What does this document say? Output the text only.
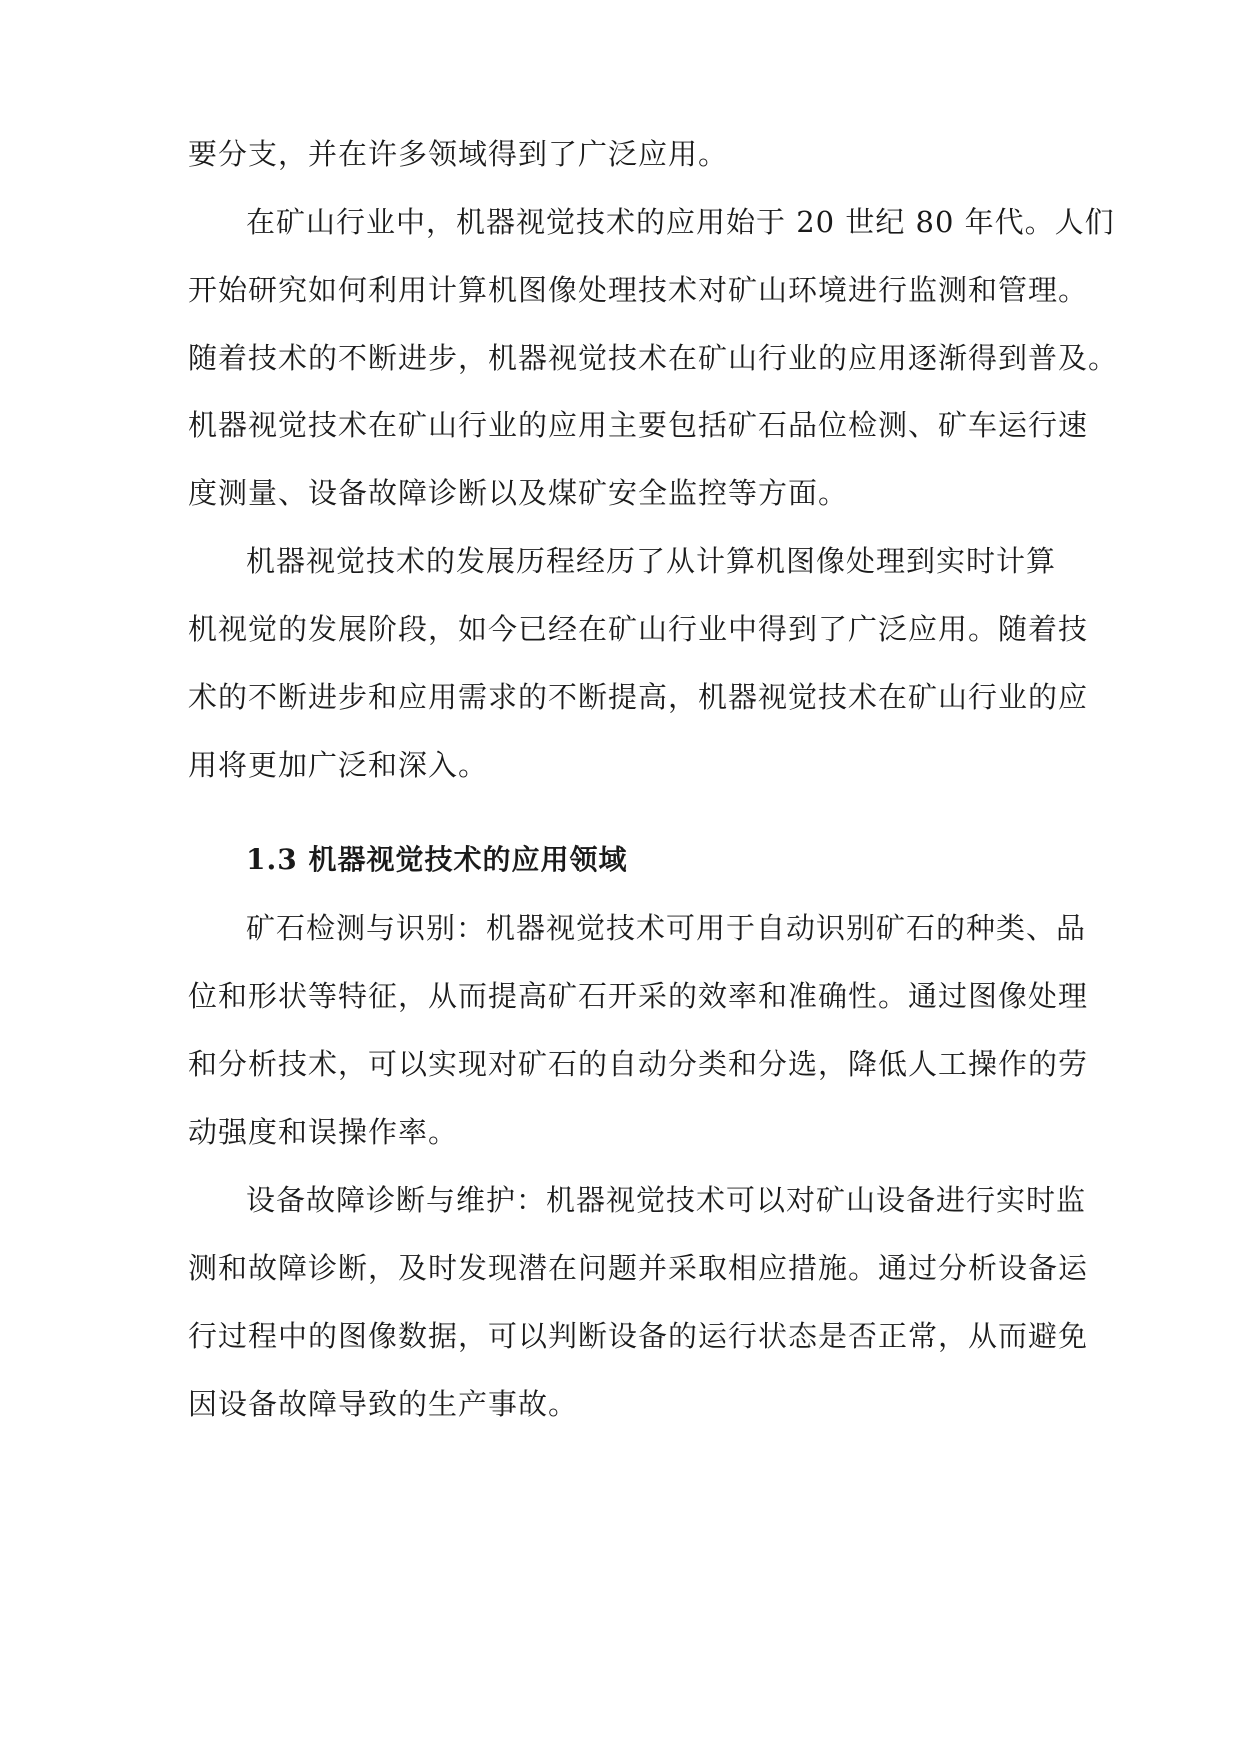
要分支，并在许多领域得到了广泛应用。

在矿山行业中，机器视觉技术的应用始于 20 世纪 80 年代。人们

开始研究如何利用计算机图像处理技术对矿山环境进行监测和管理。

随着技术的不断进步，机器视觉技术在矿山行业的应用逐渐得到普及。

机器视觉技术在矿山行业的应用主要包括矿石品位检测、矿车运行速

度测量、设备故障诊断以及煤矿安全监控等方面。

机器视觉技术的发展历程经历了从计算机图像处理到实时计算

机视觉的发展阶段，如今已经在矿山行业中得到了广泛应用。随着技

术的不断进步和应用需求的不断提高，机器视觉技术在矿山行业的应

用将更加广泛和深入。

1.3 机器视觉技术的应用领域

矿石检测与识别：机器视觉技术可用于自动识别矿石的种类、品

位和形状等特征，从而提高矿石开采的效率和准确性。通过图像处理

和分析技术，可以实现对矿石的自动分类和分选，降低人工操作的劳

动强度和误操作率。

设备故障诊断与维护：机器视觉技术可以对矿山设备进行实时监

测和故障诊断，及时发现潜在问题并采取相应措施。通过分析设备运

行过程中的图像数据，可以判断设备的运行状态是否正常，从而避免

因设备故障导致的生产事故。
